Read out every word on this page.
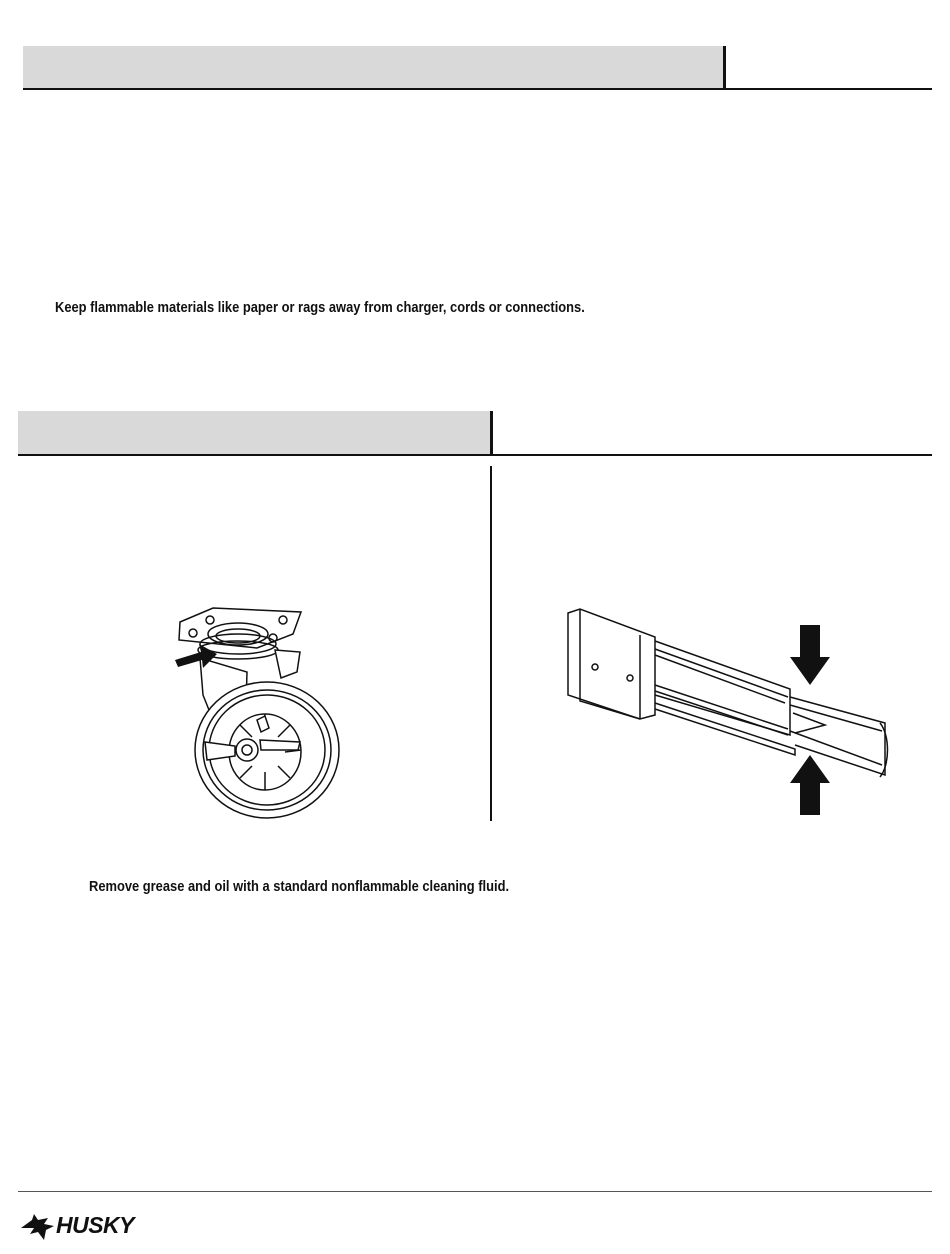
Keep flammable materials like paper or rags away from charger, cords or connections.
Remove grease and oil with a standard nonflammable cleaning fluid.
HUSKY
